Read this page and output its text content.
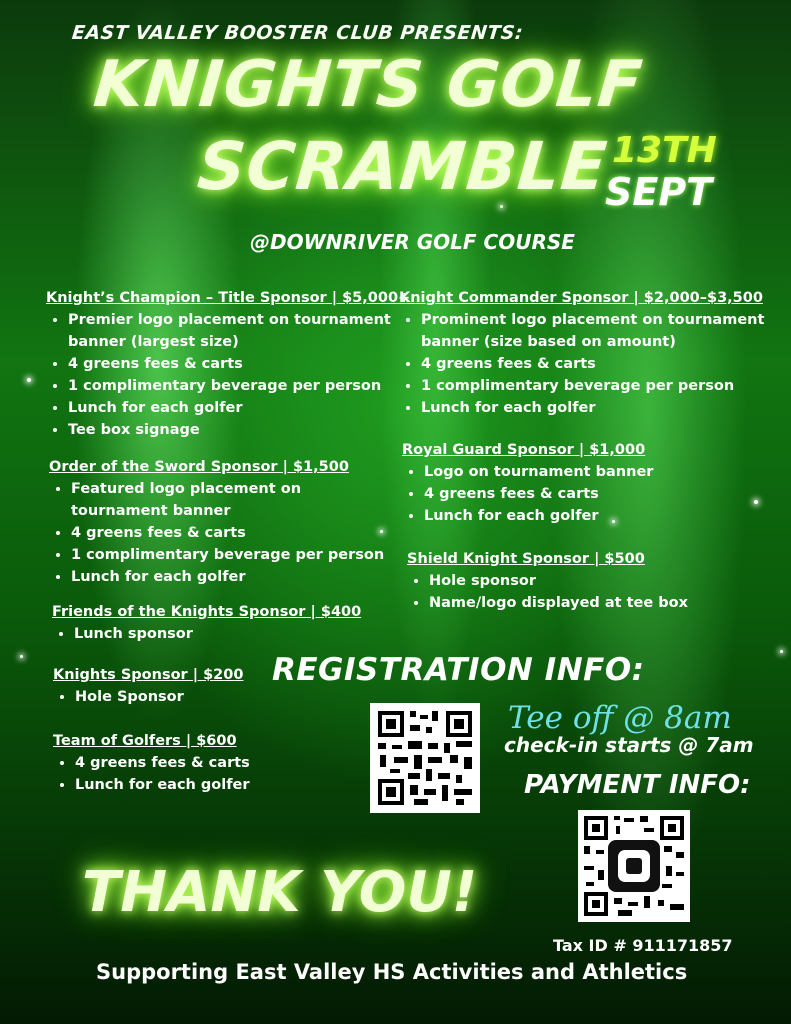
EAST VALLEY BOOSTER CLUB PRESENTS:
KNIGHTS GOLF
SCRAMBLE 13TH
SEPT
@DOWNRIVER GOLF COURSE
Knight’s Champion – Title Sponsor | $5,000+
• Premier logo placement on tournament banner (largest size)
• 4 greens fees & carts
• 1 complimentary beverage per person
• Lunch for each golfer
• Tee box signage
Order of the Sword Sponsor | $1,500
• Featured logo placement on tournament banner
• 4 greens fees & carts
• 1 complimentary beverage per person
• Lunch for each golfer
Friends of the Knights Sponsor | $400
• Lunch sponsor
Knights Sponsor | $200
• Hole Sponsor
Team of Golfers | $600
• 4 greens fees & carts
• Lunch for each golfer
Knight Commander Sponsor | $2,000–$3,500
• Prominent logo placement on tournament banner (size based on amount)
• 4 greens fees & carts
• 1 complimentary beverage per person
• Lunch for each golfer
Royal Guard Sponsor | $1,000
• Logo on tournament banner
• 4 greens fees & carts
• Lunch for each golfer
Shield Knight Sponsor | $500
• Hole sponsor
• Name/logo displayed at tee box
REGISTRATION INFO:
Tee off @ 8am
check-in starts @ 7am
PAYMENT INFO:
THANK YOU!
Tax ID # 911171857
Supporting East Valley HS Activities and Athletics
